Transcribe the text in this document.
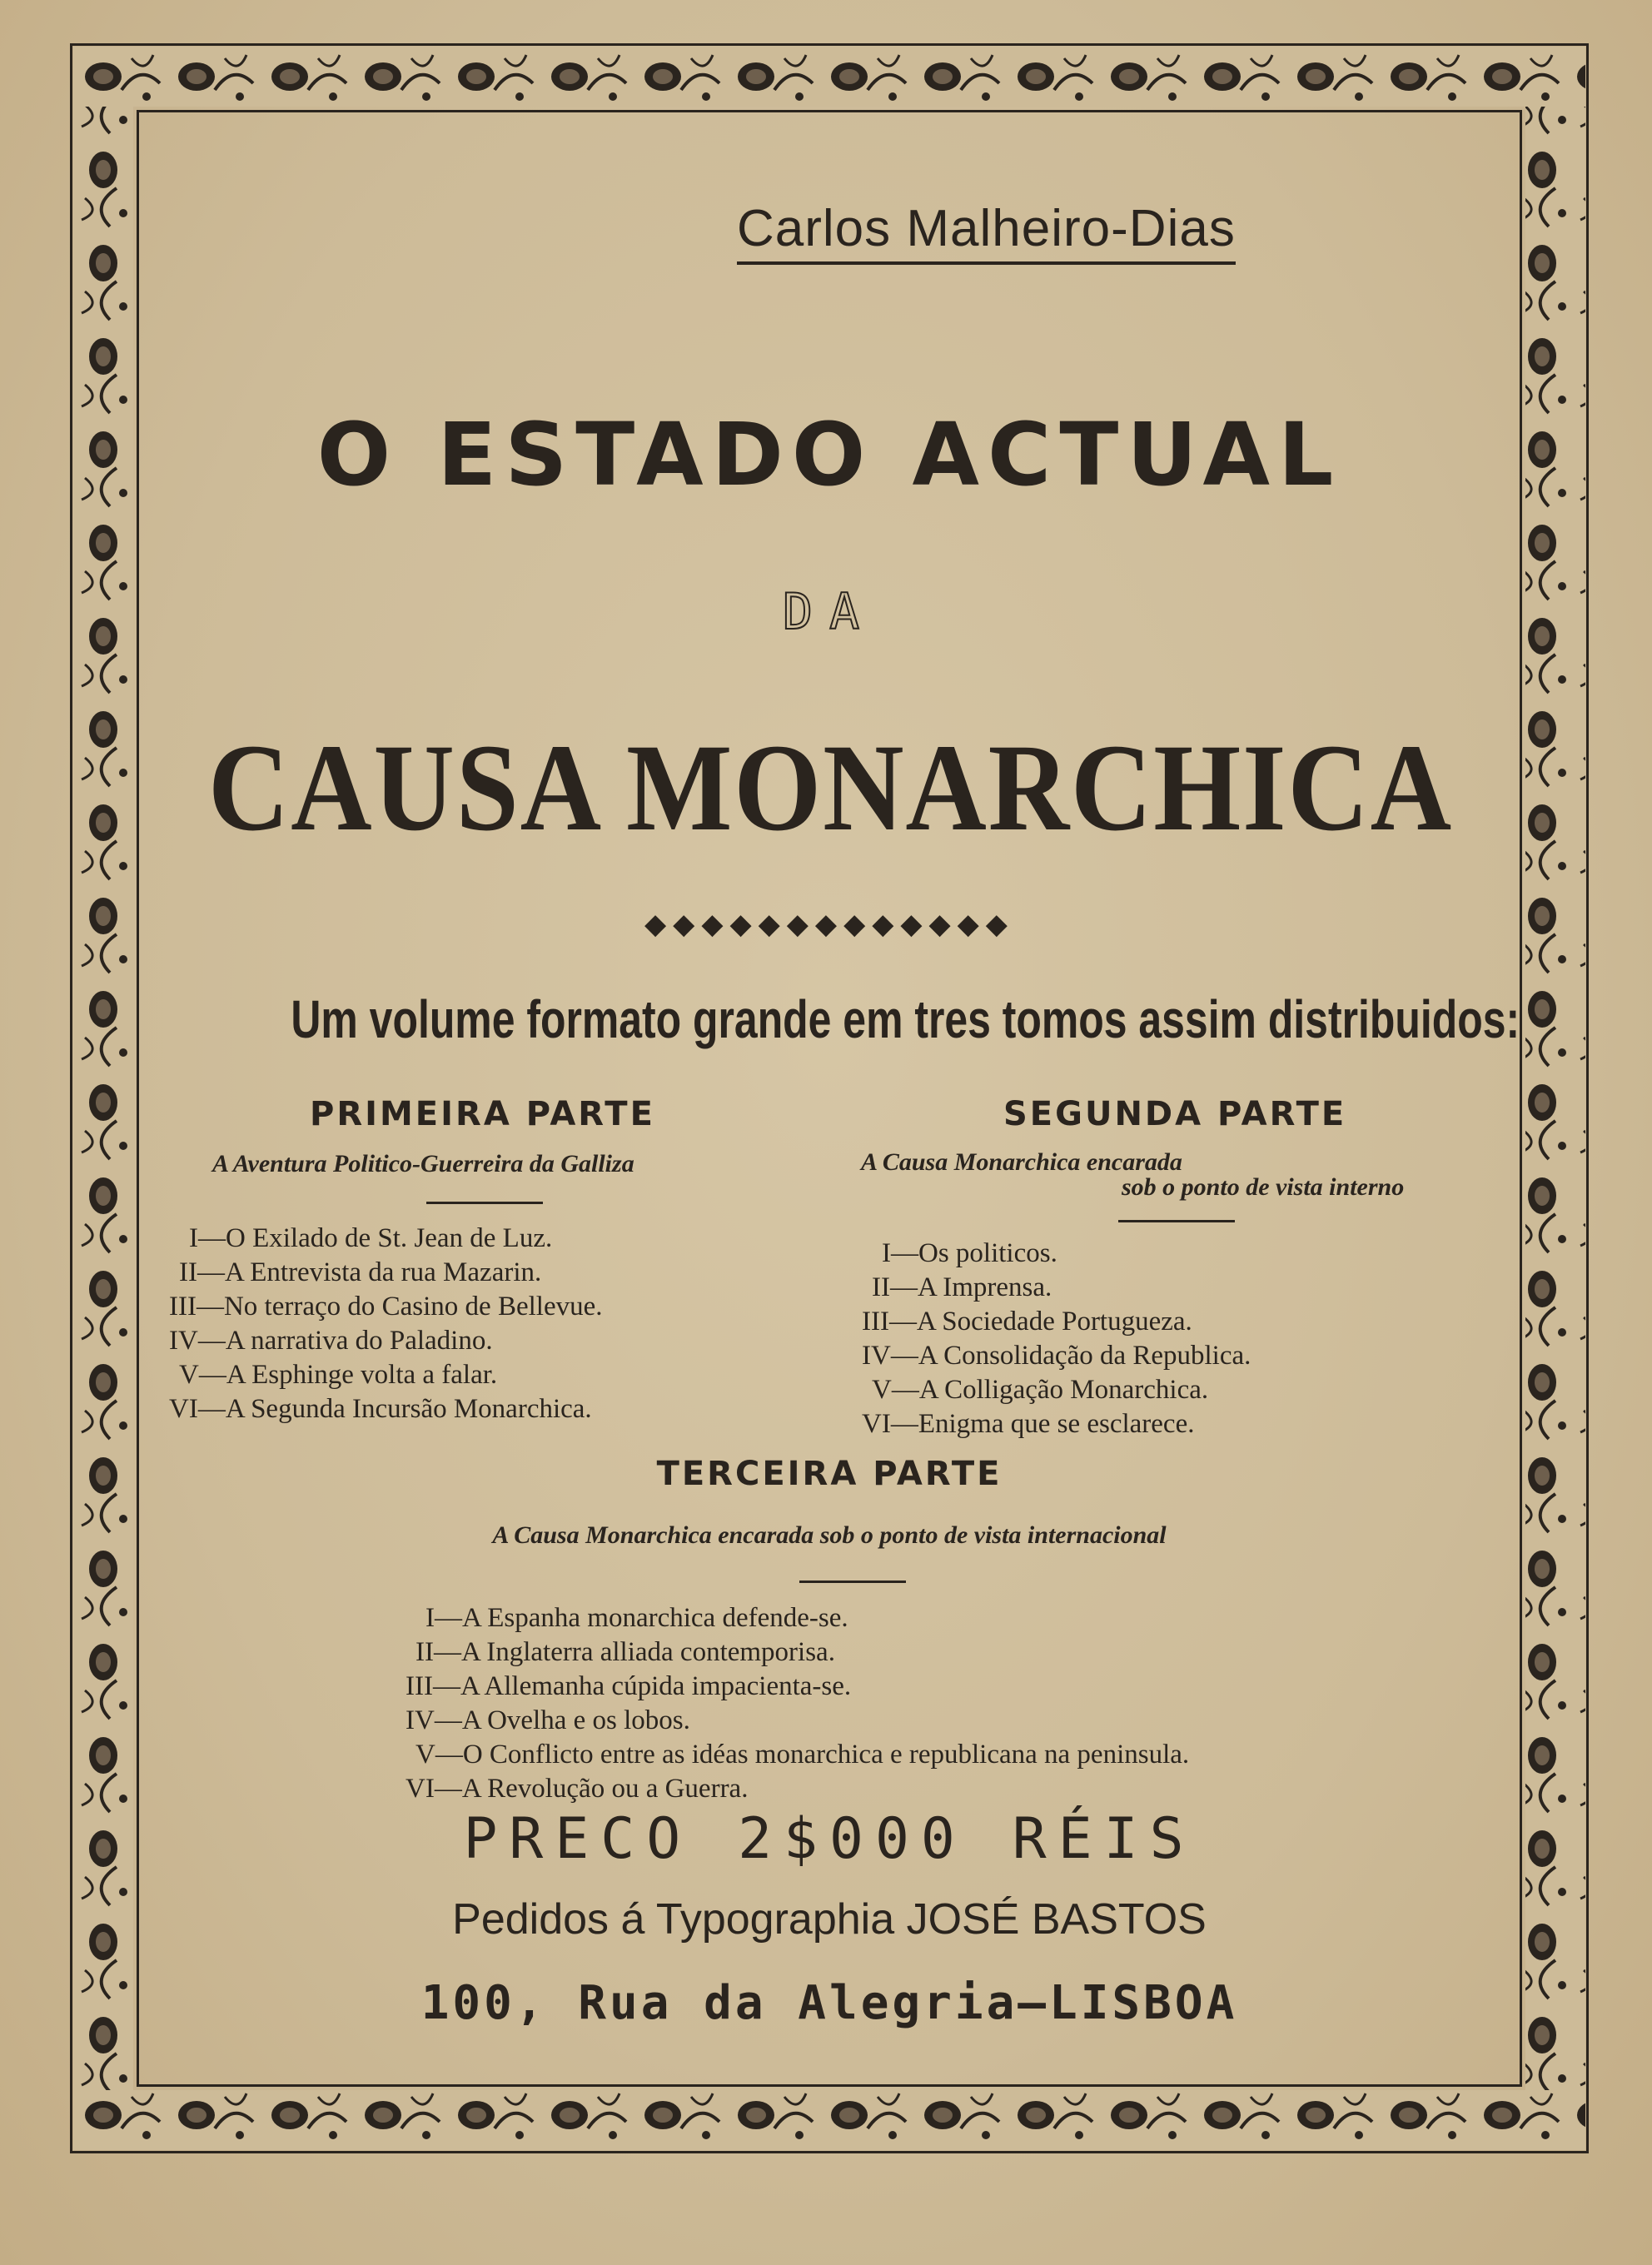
Carlos Malheiro-Dias
O ESTADO ACTUAL
DA
CAUSA MONARCHICA
◆◆◆◆◆◆◆◆◆◆◆◆◆
Um volume formato grande em tres tomos assim distribuidos:
PRIMEIRA PARTE
A Aventura Politico-Guerreira da Galliza
I—O Exilado de St. Jean de Luz.
II—A Entrevista da rua Mazarin.
III—No terraço do Casino de Bellevue.
IV—A narrativa do Paladino.
V—A Esphinge volta a falar.
VI—A Segunda Incursão Monarchica.
SEGUNDA PARTE
A Causa Monarchica encarada
sob o ponto de vista interno
I—Os politicos.
II—A Imprensa.
III—A Sociedade Portugueza.
IV—A Consolidação da Republica.
V—A Colligação Monarchica.
VI—Enigma que se esclarece.
TERCEIRA PARTE
A Causa Monarchica encarada sob o ponto de vista internacional
I—A Espanha monarchica defende-se.
II—A Inglaterra alliada contemporisa.
III—A Allemanha cúpida impacienta-se.
IV—A Ovelha e os lobos.
V—O Conflicto entre as idéas monarchica e republicana na peninsula.
VI—A Revolução ou a Guerra.
PRECO 2$000 RÉIS
Pedidos á Typographia JOSÉ BASTOS
100, Rua da Alegria—LISBOA
